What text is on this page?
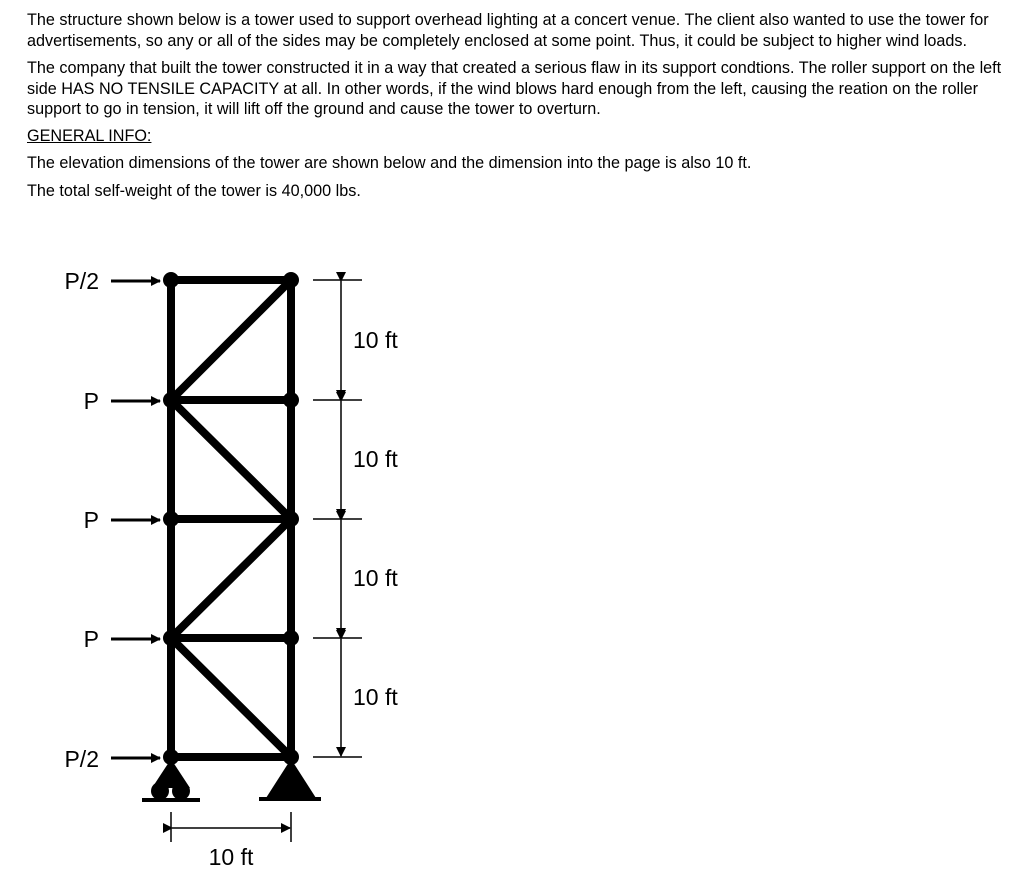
The structure shown below is a tower used to support overhead lighting at a concert venue. The client also wanted to use the tower for advertisements, so any or all of the sides may be completely enclosed at some point. Thus, it could be subject to higher wind loads.

The company that built the tower constructed it in a way that created a serious flaw in its support condtions. The roller support on the left side HAS NO TENSILE CAPACITY at all. In other words, if the wind blows hard enough from the left, causing the reation on the roller support to go in tension, it will lift off the ground and cause the tower to overturn.

GENERAL INFO:

The elevation dimensions of the tower are shown below and the dimension into the page is also 10 ft.

The total self-weight of the tower is 40,000 lbs.

P/2
P
P
P
P/2
10 ft
10 ft
10 ft
10 ft
10 ft
